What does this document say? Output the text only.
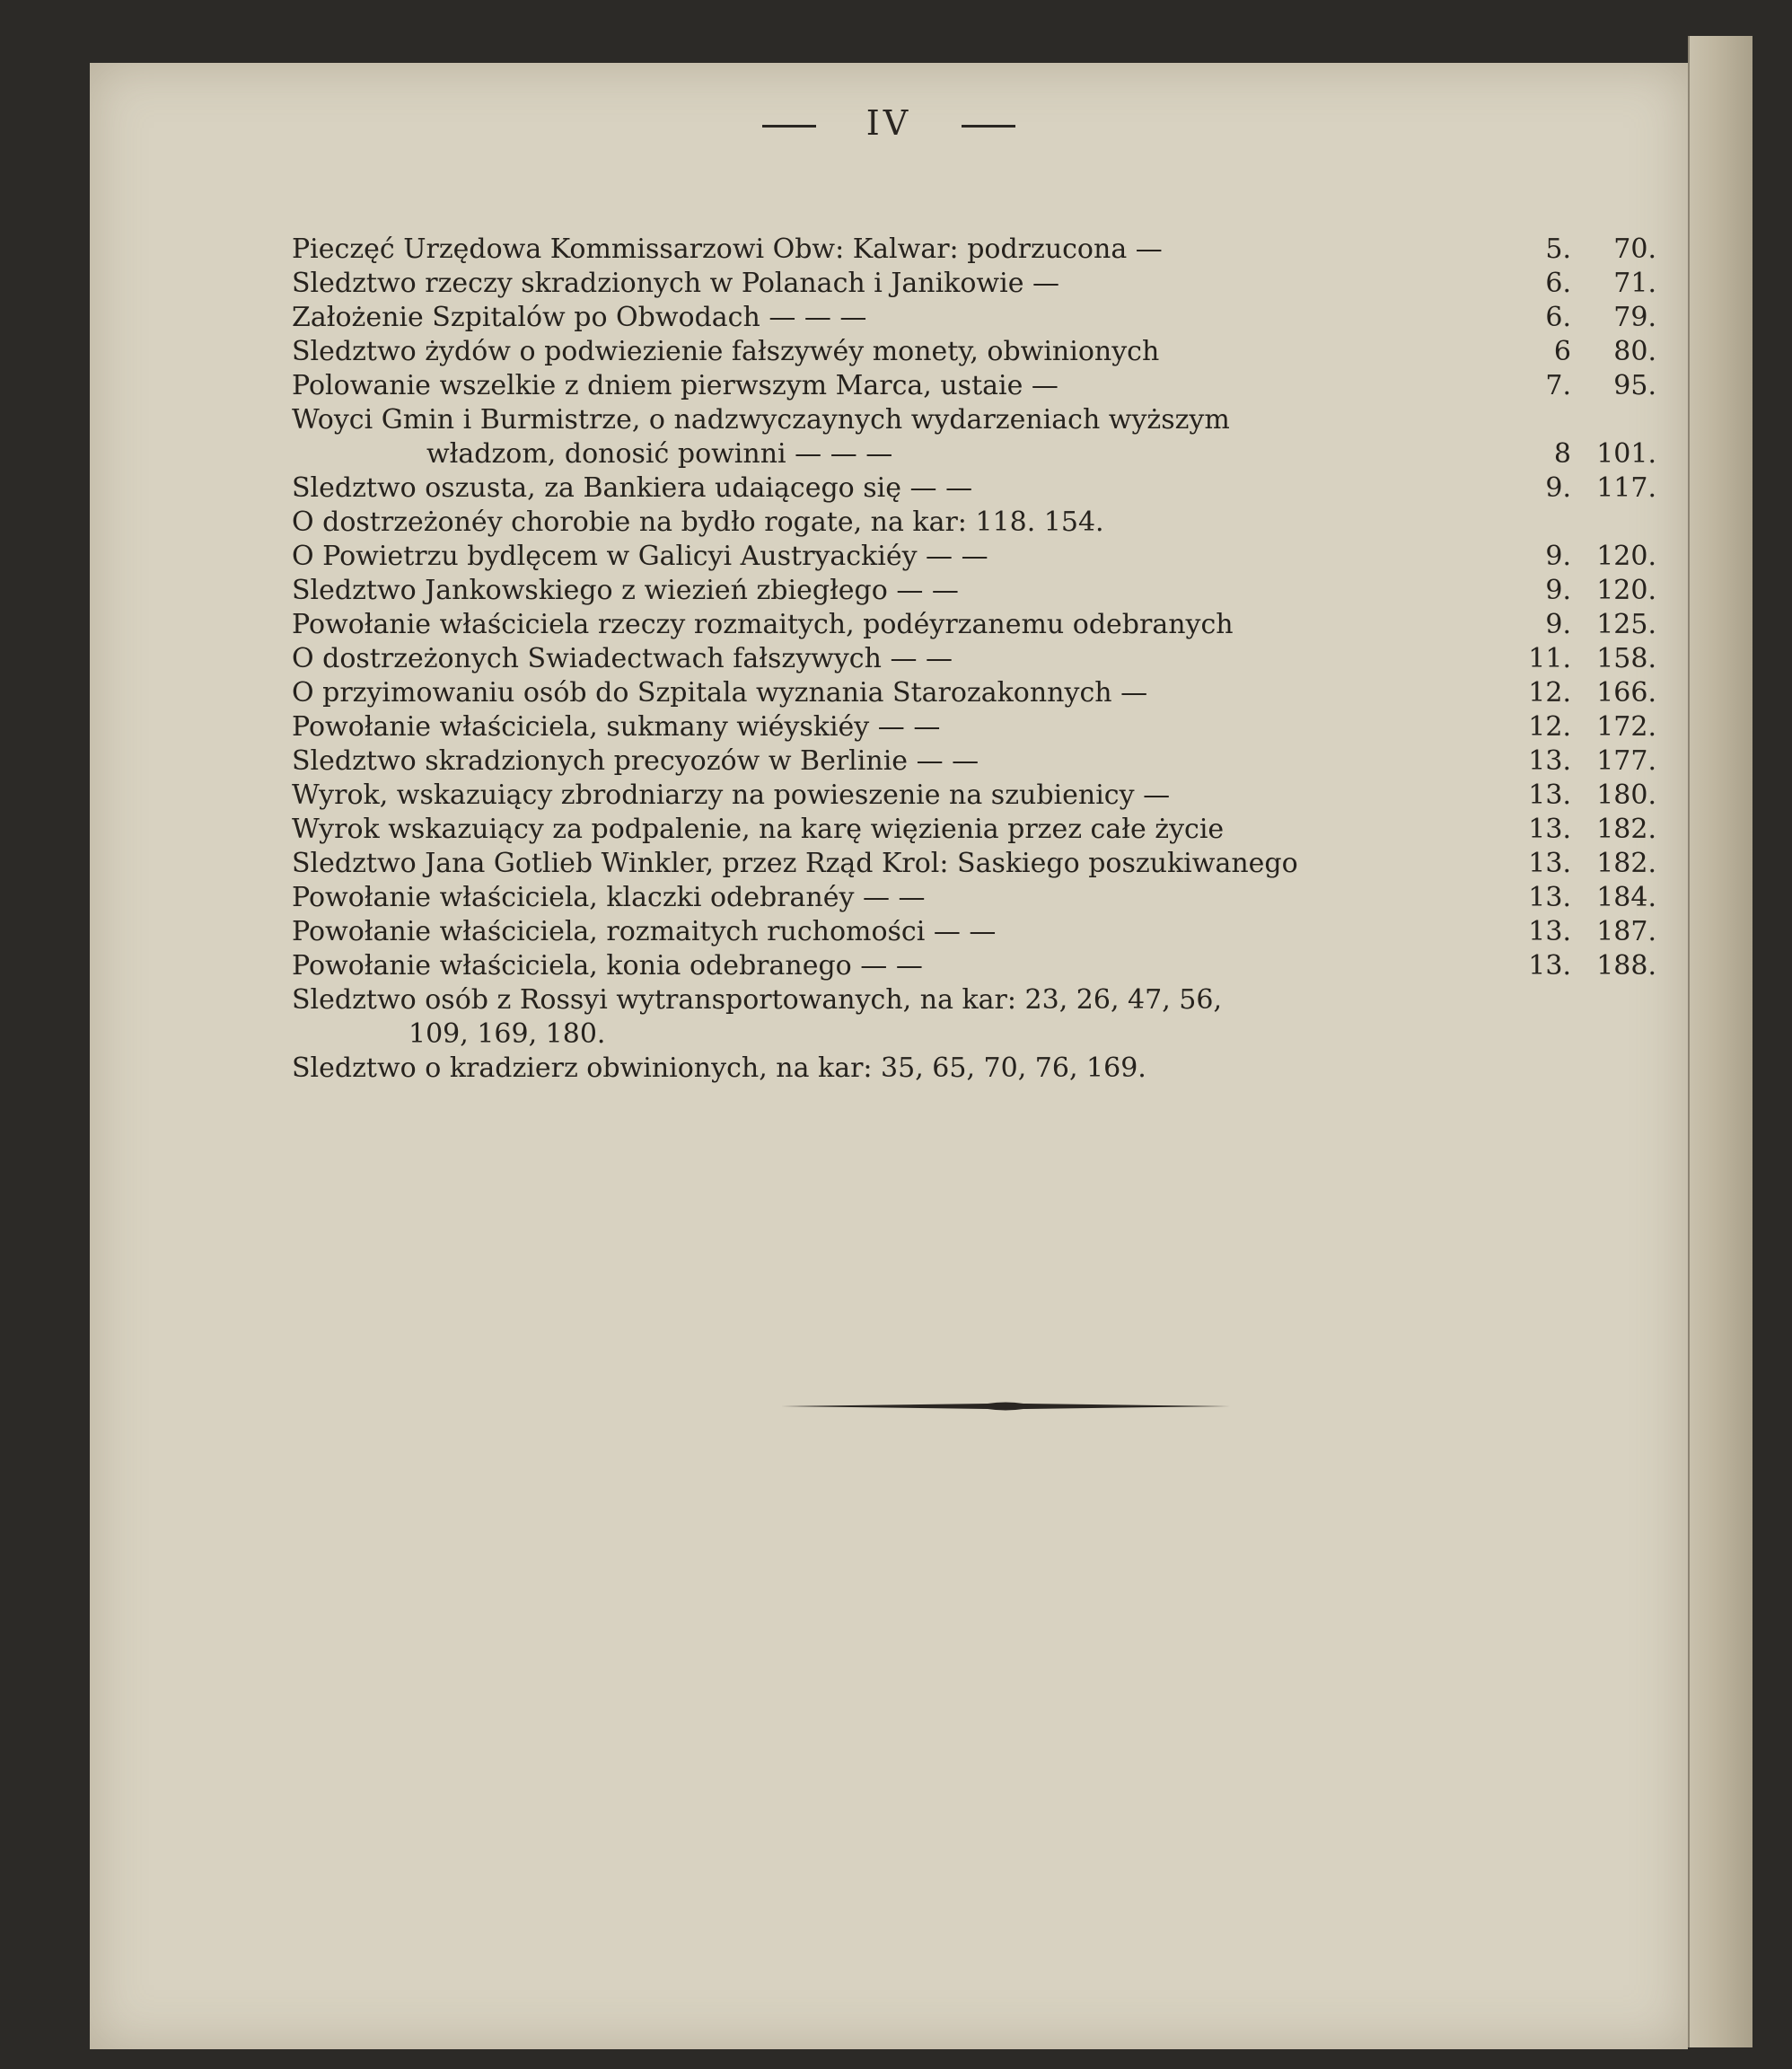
IV
Pieczęć Urzędowa Kommissarzowi Obw: Kalwar: podrzucona —	5.	70.
Sledztwo rzeczy skradzionych w Polanach i Janikowie —	6.	71.
Założenie Szpitalów po Obwodach — — —	6.	79.
Sledztwo żydów o podwiezienie fałszywéy monety, obwinionych	6	80.
Polowanie wszelkie z dniem pierwszym Marca, ustaie —	7.	95.
Woyci Gmin i Burmistrze, o nadzwyczaynych wydarzeniach wyższym
władzom, donosić powinni — — —	8 101.
Sledztwo oszusta, za Bankiera udaiącego się — —	9. 117.
O dostrzeżonéy chorobie na bydło rogate, na kar: 118. 154.
O Powietrzu bydlęcem w Galicyi Austryackiéy — —	9. 120.
Sledztwo Jankowskiego z wiezień zbiegłego — —	9. 120.
Powołanie właściciela rzeczy rozmaitych, podéyrzanemu odebranych	9. 125.
O dostrzeżonych Swiadectwach fałszywych — —	11. 158.
O przyimowaniu osób do Szpitala wyznania Starozakonnych —	12. 166.
Powołanie właściciela, sukmany wiéyskiéy — —	12. 172.
Sledztwo skradzionych precyozów w Berlinie — —	13. 177.
Wyrok, wskazuiący zbrodniarzy na powieszenie na szubienicy —	13. 180.
Wyrok wskazuiący za podpalenie, na karę więzienia przez całe życie	13. 182.
Sledztwo Jana Gotlieb Winkler, przez Rząd Krol: Saskiego poszukiwanego	13. 182.
Powołanie właściciela, klaczki odebranéy — —	13. 184.
Powołanie właściciela, rozmaitych ruchomości — —	13. 187.
Powołanie właściciela, konia odebranego — —	13. 188.
Sledztwo osób z Rossyi wytransportowanych, na kar: 23, 26, 47, 56,
109, 169, 180.
Sledztwo o kradzierz obwinionych, na kar: 35, 65, 70, 76, 169.
